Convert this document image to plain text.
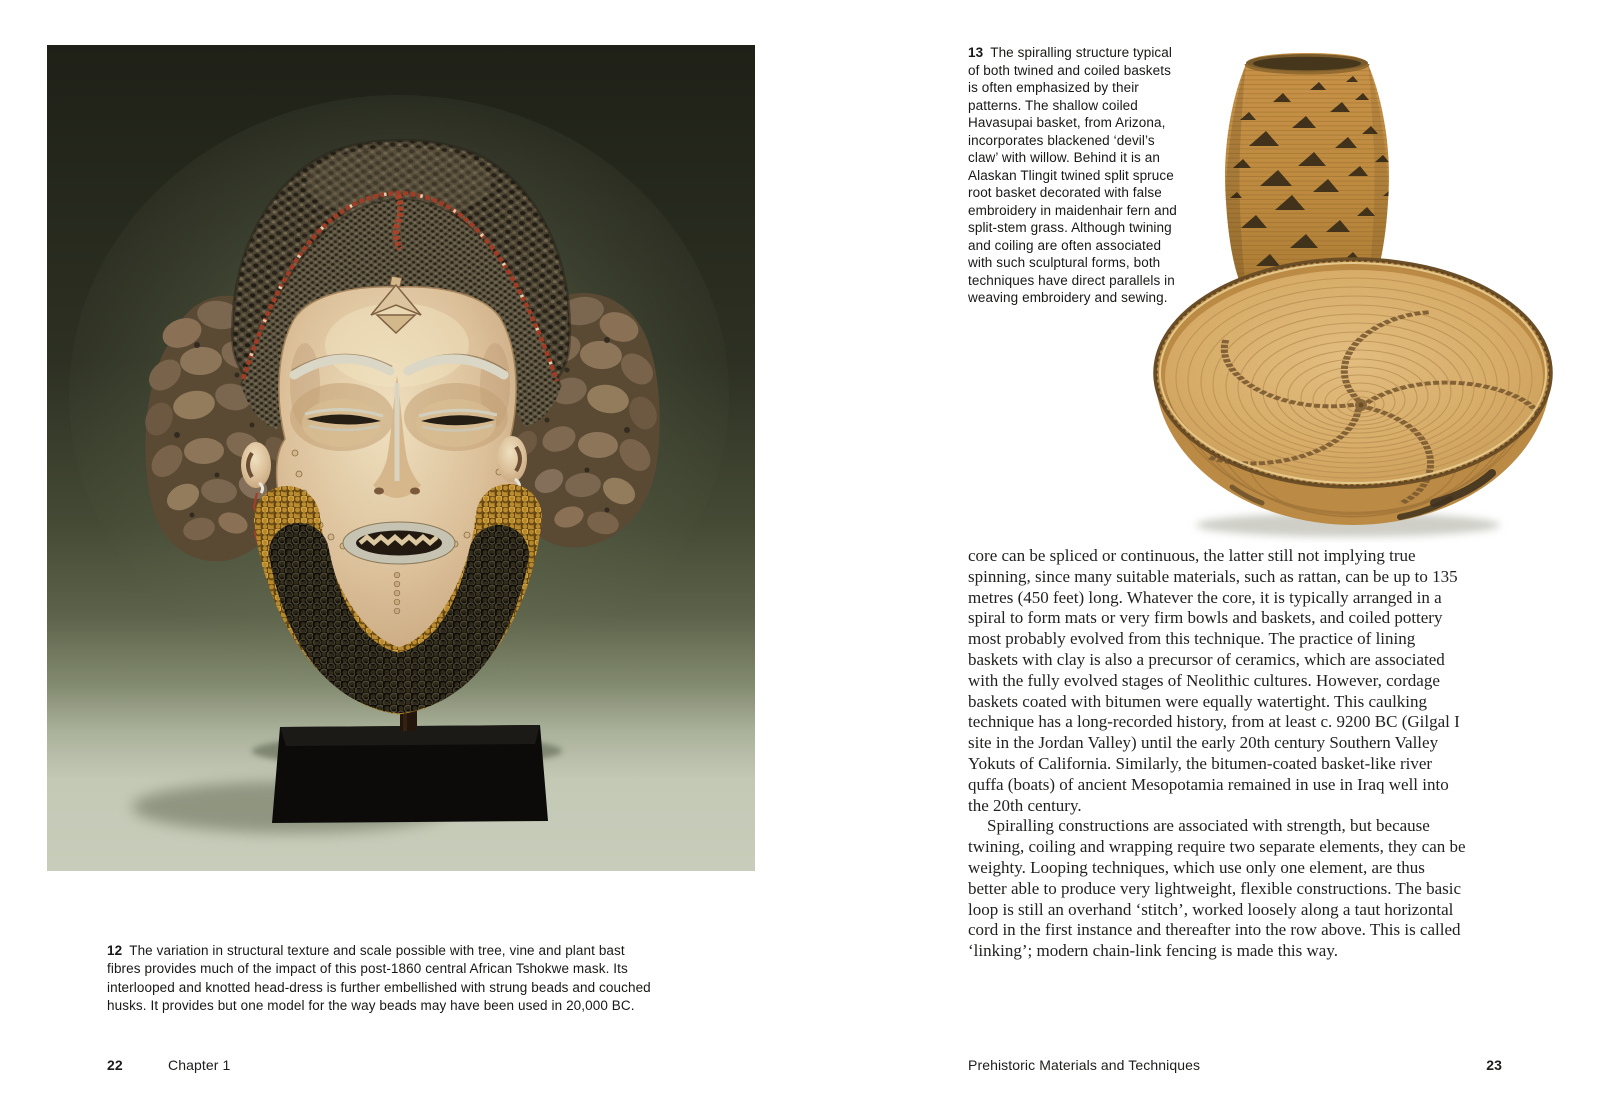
12 The variation in structural texture and scale possible with tree, vine and plant bast fibres provides much of the impact of this post-1860 central African Tshokwe mask. Its interlooped and knotted head-dress is further embellished with strung beads and couched husks. It provides but one model for the way beads may have been used in 20,000 BC.

22	Chapter 1

13 The spiralling structure typical of both twined and coiled baskets is often emphasized by their patterns. The shallow coiled Havasupai basket, from Arizona, incorporates blackened ‘devil’s claw’ with willow. Behind it is an Alaskan Tlingit twined split spruce root basket decorated with false embroidery in maidenhair fern and split-stem grass. Although twining and coiling are often associated with such sculptural forms, both techniques have direct parallels in weaving embroidery and sewing.

core can be spliced or continuous, the latter still not implying true spinning, since many suitable materials, such as rattan, can be up to 135 metres (450 feet) long. Whatever the core, it is typically arranged in a spiral to form mats or very firm bowls and baskets, and coiled pottery most probably evolved from this technique. The practice of lining baskets with clay is also a precursor of ceramics, which are associated with the fully evolved stages of Neolithic cultures. However, cordage baskets coated with bitumen were equally watertight. This caulking technique has a long-recorded history, from at least c. 9200 BC (Gilgal I site in the Jordan Valley) until the early 20th century Southern Valley Yokuts of California. Similarly, the bitumen-coated basket-like river quffa (boats) of ancient Mesopotamia remained in use in Iraq well into the 20th century.

Spiralling constructions are associated with strength, but because twining, coiling and wrapping require two separate elements, they can be weighty. Looping techniques, which use only one element, are thus better able to produce very lightweight, flexible constructions. The basic loop is still an overhand ‘stitch’, worked loosely along a taut horizontal cord in the first instance and thereafter into the row above. This is called ‘linking’; modern chain-link fencing is made this way.

Prehistoric Materials and Techniques	23
